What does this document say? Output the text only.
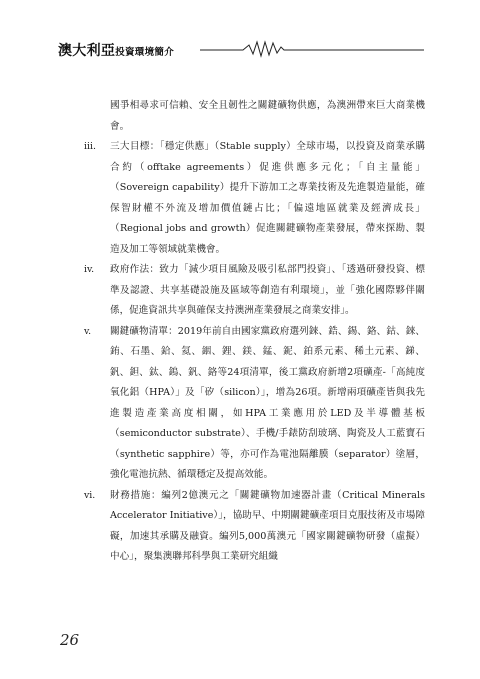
澳大利亞投資環境簡介

國爭相尋求可信賴、安全且韌性之關鍵礦物供應，為澳洲帶來巨大商業機會。

iii. 三大目標：「穩定供應」（Stable supply）全球市場，以投資及商業承購合約（offtake agreements）促進供應多元化；「自主量能」（Sovereign capability）提升下游加工之專業技術及先進製造量能，確保智財權不外流及增加價值鏈占比；「偏遠地區就業及經濟成長」（Regional jobs and growth）促進關鍵礦物產業發展，帶來探勘、製造及加工等領域就業機會。

iv. 政府作法：致力「減少項目風險及吸引私部門投資」、「透過研發投資、標準及認證、共享基礎設施及區域等創造有利環境」，並「強化國際夥伴關係，促進資訊共享與確保支持澳洲產業發展之商業安排」。

v. 關鍵礦物清單：2019年前自由國家黨政府選列錸、鋯、錫、鉻、鈷、錸、銪、石墨、鉿、氦、銦、鋰、鎂、錳、鈮、鉑系元素、稀土元素、銻、釩、鉭、鈦、鎢、釩、鉻等24項清單，後工黨政府新增2項礦產-「高純度氧化鋁（HPA）」及「矽（silicon）」，增為26項。新增兩項礦產皆與我先進製造產業高度相關，如HPA工業應用於LED及半導體基板（semiconductor substrate）、手機/手錶防刮玻璃、陶瓷及人工藍寶石（synthetic sapphire）等，亦可作為電池隔離膜（separator）塗層，強化電池抗熱、循環穩定及提高效能。

vi. 財務措施：編列2億澳元之「關鍵礦物加速器計畫（Critical Minerals Accelerator Initiative）」，協助早、中期關鍵礦產項目克服技術及市場障礙，加速其承購及融資。編列5,000萬澳元「國家關鍵礦物研發（虛擬）中心」，聚集澳聯邦科學與工業研究組織

26
